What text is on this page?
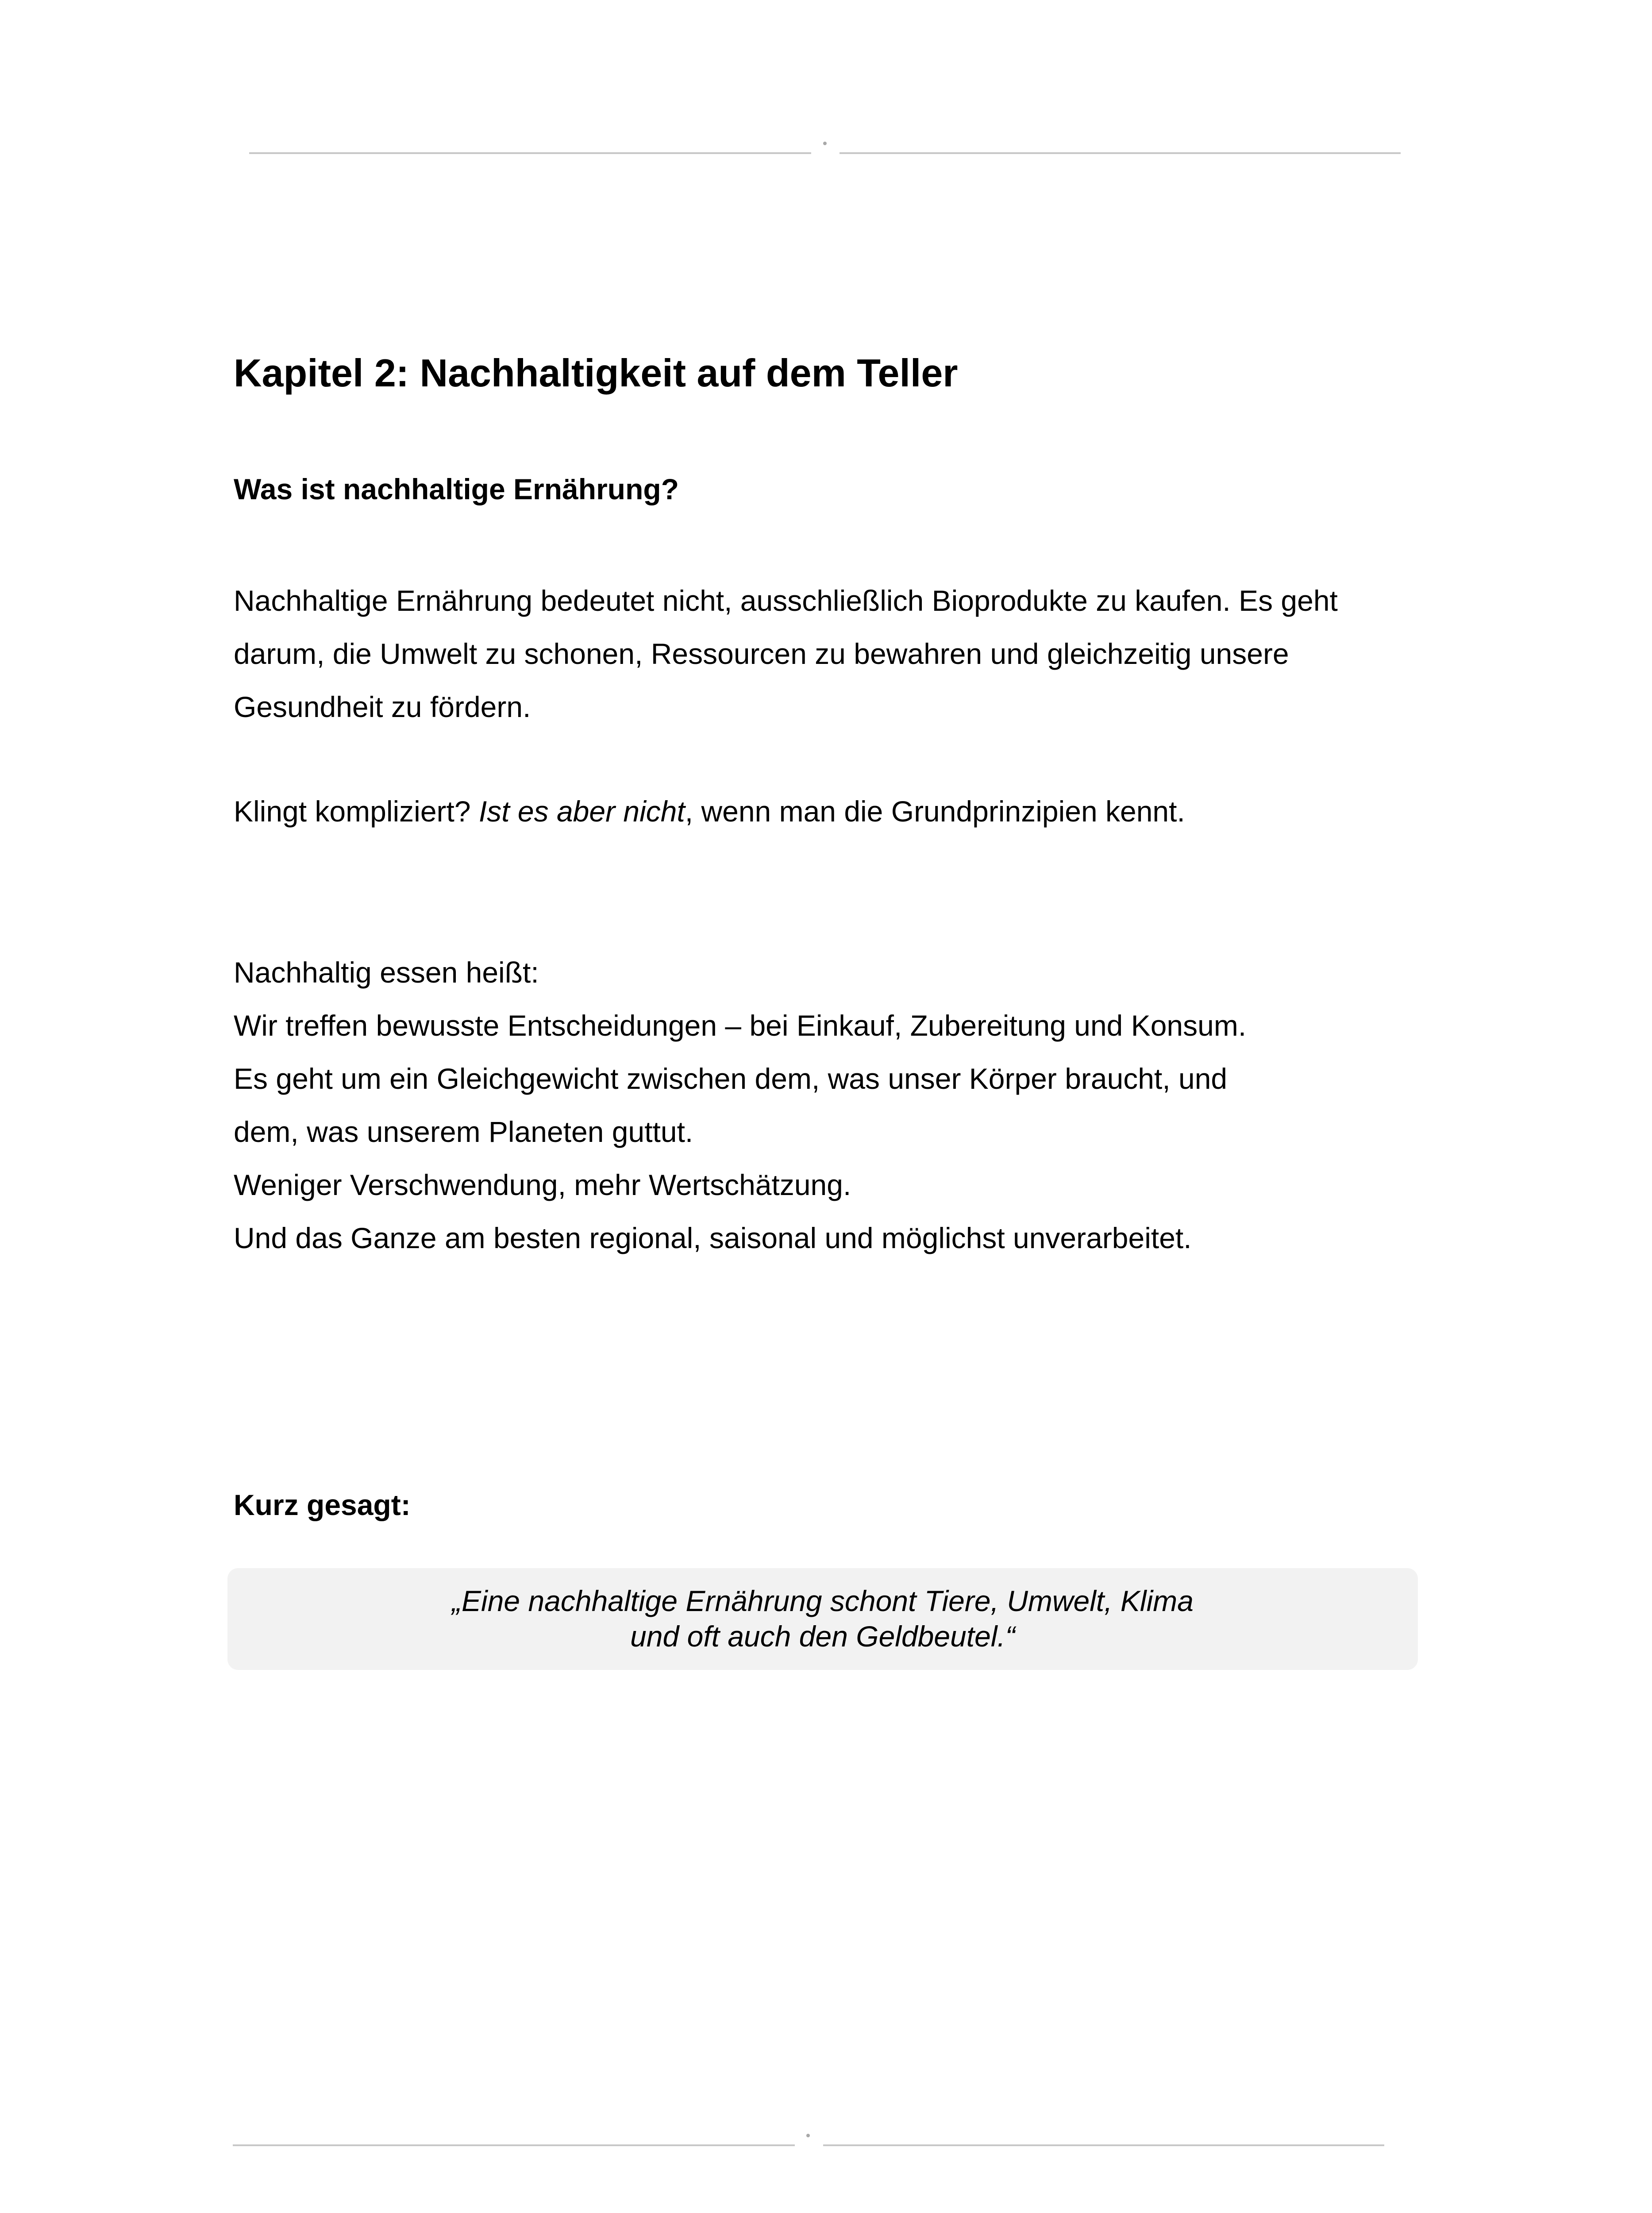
Kapitel 2: Nachhaltigkeit auf dem Teller
Was ist nachhaltige Ernährung?

Nachhaltige Ernährung bedeutet nicht, ausschließlich Bioprodukte zu kaufen. Es geht

darum, die Umwelt zu schonen, Ressourcen zu bewahren und gleichzeitig unsere

Gesundheit zu fördern.

Klingt kompliziert? Ist es aber nicht, wenn man die Grundprinzipien kennt.

Nachhaltig essen heißt:

Wir treffen bewusste Entscheidungen – bei Einkauf, Zubereitung und Konsum.

Es geht um ein Gleichgewicht zwischen dem, was unser Körper braucht, und

dem, was unserem Planeten guttut.

Weniger Verschwendung, mehr Wertschätzung.

Und das Ganze am besten regional, saisonal und möglichst unverarbeitet.

Kurz gesagt:
„Eine nachhaltige Ernährung schont Tiere, Umwelt, Klima
und oft auch den Geldbeutel.“
